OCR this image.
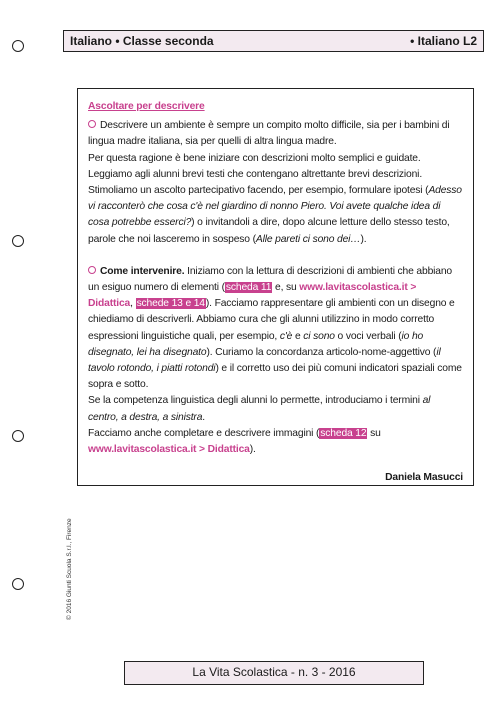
Italiano • Classe seconda	• Italiano L2
Ascoltare per descrivere

Descrivere un ambiente è sempre un compito molto difficile, sia per i bambini di lingua madre italiana, sia per quelli di altra lingua madre.

Per questa ragione è bene iniziare con descrizioni molto semplici e guidate. Leggiamo agli alunni brevi testi che contengano altrettante brevi descrizioni. Stimoliamo un ascolto partecipativo facendo, per esempio, formulare ipotesi (Adesso vi racconterò che cosa c'è nel giardino di nonno Piero. Voi avete qualche idea di cosa potrebbe esserci?) o invitandoli a dire, dopo alcune letture dello stesso testo, parole che noi lasceremo in sospeso (Alle pareti ci sono dei…).

Come intervenire. Iniziamo con la lettura di descrizioni di ambienti che abbiano un esiguo numero di elementi (scheda 11 e, su www.lavitascolastica.it > Didattica, schede 13 e 14). Facciamo rappresentare gli ambienti con un disegno e chiediamo di descriverli. Abbiamo cura che gli alunni utilizzino in modo corretto espressioni linguistiche quali, per esempio, c'è e ci sono o voci verbali (io ho disegnato, lei ha disegnato). Curiamo la concordanza articolo-nome-aggettivo (il tavolo rotondo, i piatti rotondi) e il corretto uso dei più comuni indicatori spaziali come sopra e sotto.

Se la competenza linguistica degli alunni lo permette, introduciamo i termini al centro, a destra, a sinistra.

Facciamo anche completare e descrivere immagini (scheda 12 su www.lavitascolastica.it > Didattica).

Daniela Masucci
© 2016 Giunti Scuola S.r.l., Firenze
La Vita Scolastica - n. 3 - 2016
